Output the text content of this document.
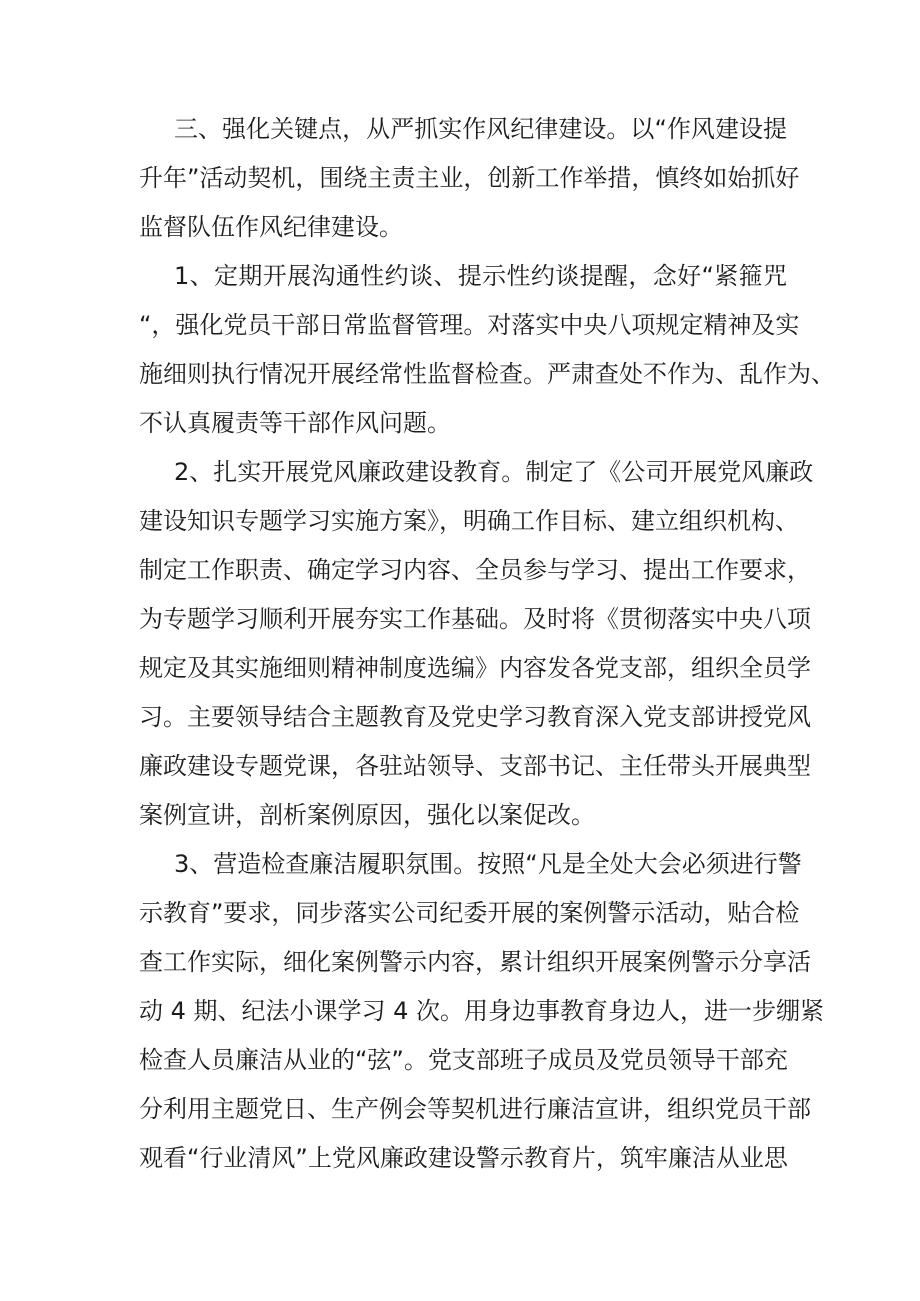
三、强化关键点，从严抓实作风纪律建设。以“作风建设提

升年”活动契机，围绕主责主业，创新工作举措，慎终如始抓好

监督队伍作风纪律建设。

1、定期开展沟通性约谈、提示性约谈提醒，念好“紧箍咒

“，强化党员干部日常监督管理。对落实中央八项规定精神及实

施细则执行情况开展经常性监督检查。严肃查处不作为、乱作为、

不认真履责等干部作风问题。

2、扎实开展党风廉政建设教育。制定了《公司开展党风廉政

建设知识专题学习实施方案》，明确工作目标、建立组织机构、

制定工作职责、确定学习内容、全员参与学习、提出工作要求，

为专题学习顺利开展夯实工作基础。及时将《贯彻落实中央八项

规定及其实施细则精神制度选编》内容发各党支部，组织全员学

习。主要领导结合主题教育及党史学习教育深入党支部讲授党风

廉政建设专题党课，各驻站领导、支部书记、主任带头开展典型

案例宣讲，剖析案例原因，强化以案促改。

3、营造检查廉洁履职氛围。按照“凡是全处大会必须进行警

示教育”要求，同步落实公司纪委开展的案例警示活动，贴合检

查工作实际，细化案例警示内容，累计组织开展案例警示分享活

动 4 期、纪法小课学习 4 次。用身边事教育身边人，进一步绷紧

检查人员廉洁从业的“弦”。党支部班子成员及党员领导干部充

分利用主题党日、生产例会等契机进行廉洁宣讲，组织党员干部

观看“行业清风”上党风廉政建设警示教育片，筑牢廉洁从业思
